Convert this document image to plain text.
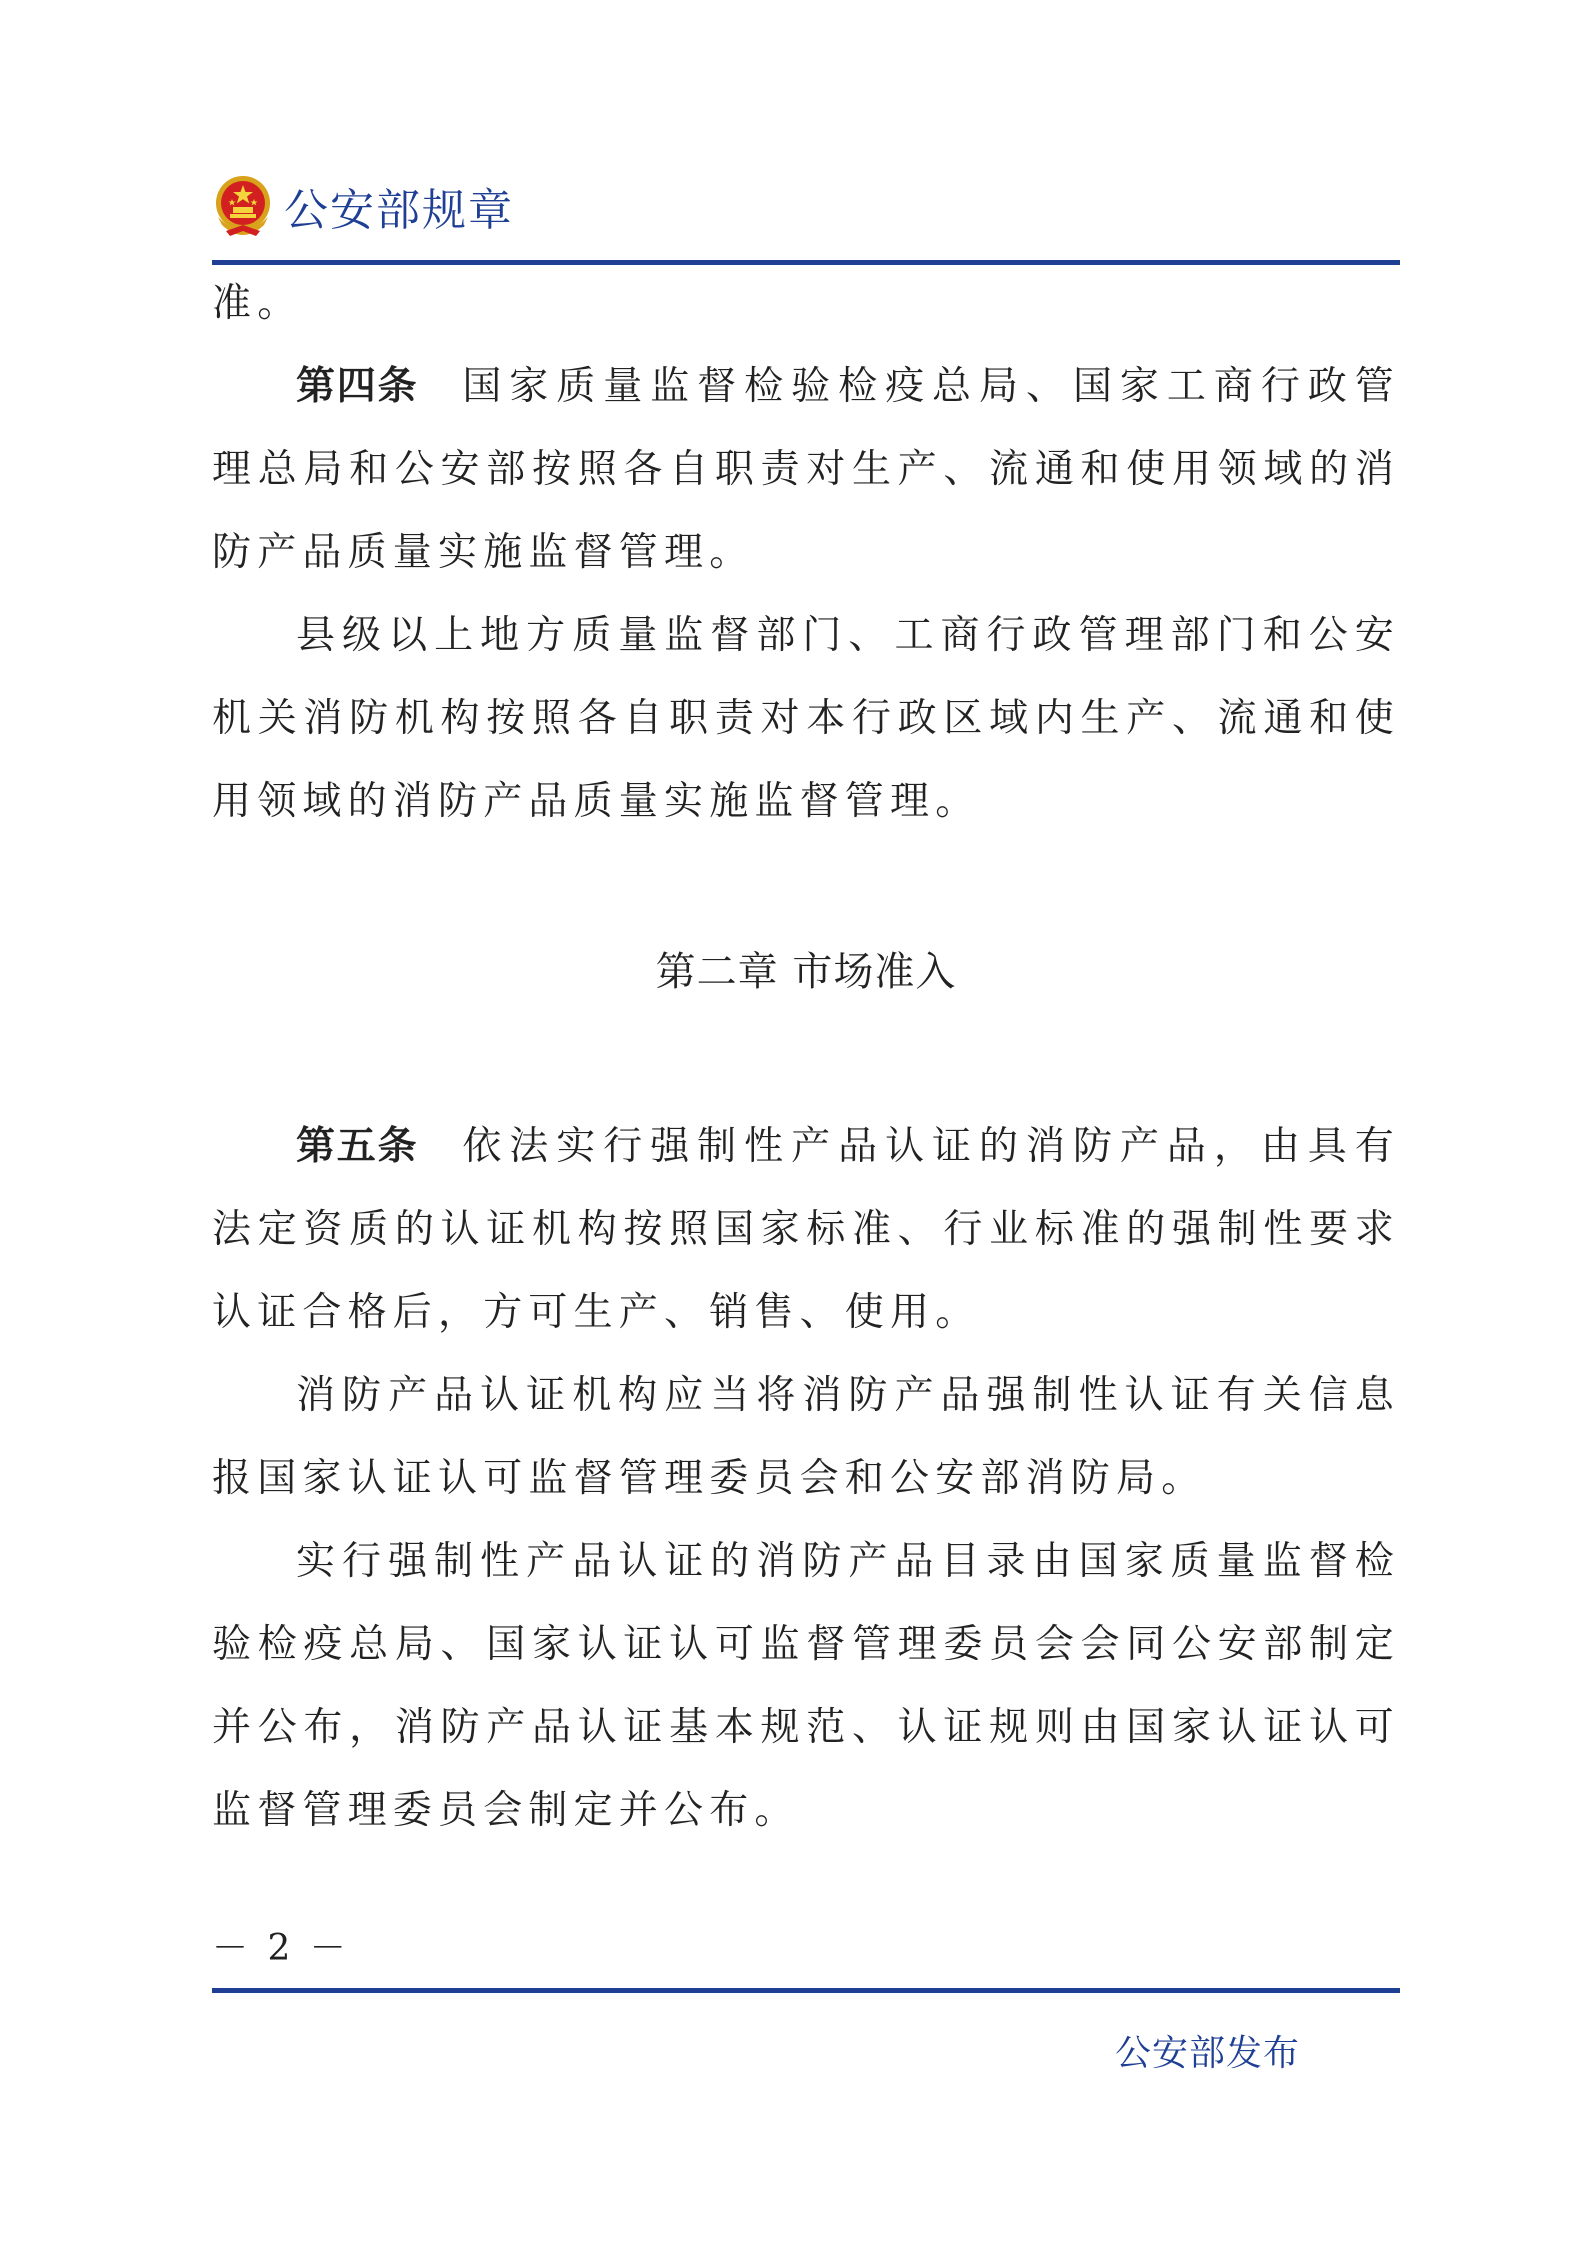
公安部规章

准。

第四条 国家质量监督检验检疫总局、国家工商行政管理总局和公安部按照各自职责对生产、流通和使用领域的消防产品质量实施监督管理。

县级以上地方质量监督部门、工商行政管理部门和公安机关消防机构按照各自职责对本行政区域内生产、流通和使用领域的消防产品质量实施监督管理。

第二章 市场准入

第五条 依法实行强制性产品认证的消防产品，由具有法定资质的认证机构按照国家标准、行业标准的强制性要求认证合格后，方可生产、销售、使用。

消防产品认证机构应当将消防产品强制性认证有关信息报国家认证认可监督管理委员会和公安部消防局。

实行强制性产品认证的消防产品目录由国家质量监督检验检疫总局、国家认证认可监督管理委员会会同公安部制定并公布，消防产品认证基本规范、认证规则由国家认证认可监督管理委员会制定并公布。

－ 2 －
公安部发布
